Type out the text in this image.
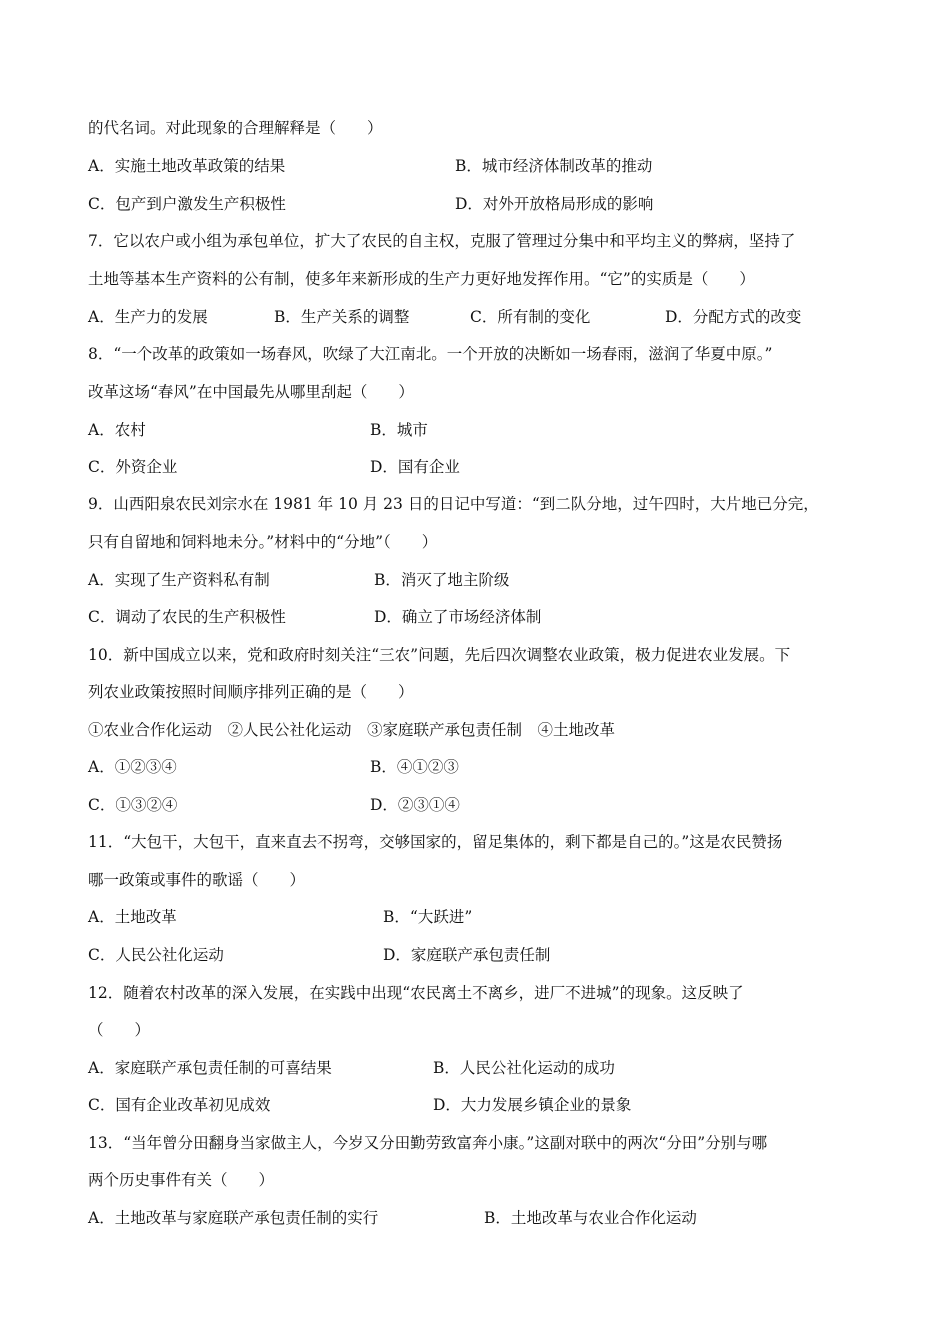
的代名词。对此现象的合理解释是（　　）
A．实施土地改革政策的结果	B．城市经济体制改革的推动
C．包产到户激发生产积极性	D．对外开放格局形成的影响
7．它以农户或小组为承包单位，扩大了农民的自主权，克服了管理过分集中和平均主义的弊病，坚持了
土地等基本生产资料的公有制，使多年来新形成的生产力更好地发挥作用。“它”的实质是（　　）
A．生产力的发展	B．生产关系的调整	C．所有制的变化	D．分配方式的改变
8．“一个改革的政策如一场春风，吹绿了大江南北。一个开放的决断如一场春雨，滋润了华夏中原。”
改革这场“春风”在中国最先从哪里刮起（　　）
A．农村	B．城市
C．外资企业	D．国有企业
9．山西阳泉农民刘宗水在 1981 年 10 月 23 日的日记中写道：“到二队分地，过午四时，大片地已分完，
只有自留地和饲料地未分。”材料中的“分地”（　　）
A．实现了生产资料私有制	B．消灭了地主阶级
C．调动了农民的生产积极性	D．确立了市场经济体制
10．新中国成立以来，党和政府时刻关注“三农”问题，先后四次调整农业政策，极力促进农业发展。下
列农业政策按照时间顺序排列正确的是（　　）
①农业合作化运动　②人民公社化运动　③家庭联产承包责任制　④土地改革
A．①②③④	B．④①②③
C．①③②④	D．②③①④
11．“大包干，大包干，直来直去不拐弯，交够国家的，留足集体的，剩下都是自己的。”这是农民赞扬
哪一政策或事件的歌谣（　　）
A．土地改革	B．“大跃进”
C．人民公社化运动	D．家庭联产承包责任制
12．随着农村改革的深入发展，在实践中出现“农民离土不离乡，进厂不进城”的现象。这反映了
（　　）
A．家庭联产承包责任制的可喜结果	B．人民公社化运动的成功
C．国有企业改革初见成效	D．大力发展乡镇企业的景象
13．“当年曾分田翻身当家做主人，今岁又分田勤劳致富奔小康。”这副对联中的两次“分田”分别与哪
两个历史事件有关（　　）
A．土地改革与家庭联产承包责任制的实行	B．土地改革与农业合作化运动
